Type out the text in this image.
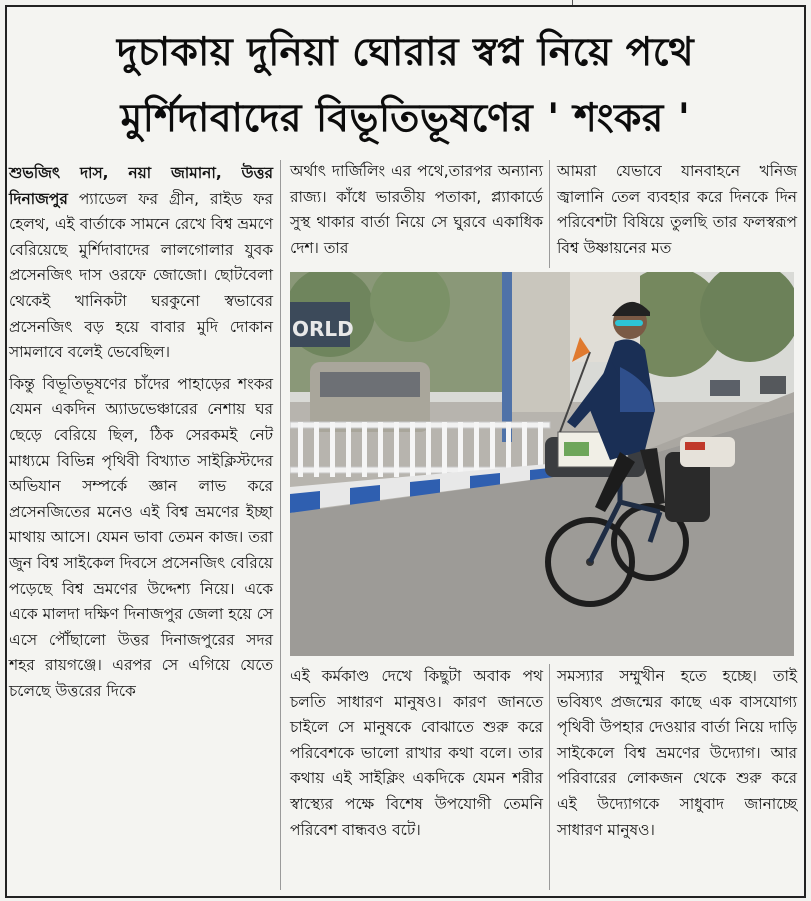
দুচাকায় দুনিয়া ঘোরার স্বপ্ন নিয়ে পথে
মুর্শিদাবাদের বিভূতিভূষণের ' শংকর '

শুভজিৎ দাস, নয়া জামানা, উত্তর দিনাজপুর প্যাডেল ফর গ্রীন, রাইড ফর হেলথ, এই বার্তাকে সামনে রেখে বিশ্ব ভ্রমণে বেরিয়েছে মুর্শিদাবাদের লালগোলার যুবক প্রসেনজিৎ দাস ওরফে জোজো। ছোটবেলা থেকেই খানিকটা ঘরকুনো স্বভাবের প্রসেনজিৎ বড় হয়ে বাবার মুদি দোকান সামলাবে বলেই ভেবেছিল।

কিন্তু বিভূতিভূষণের চাঁদের পাহাড়ের শংকর যেমন একদিন অ্যাডভেঞ্চারের নেশায় ঘর ছেড়ে বেরিয়ে ছিল, ঠিক সেরকমই নেট মাধ্যমে বিভিন্ন পৃথিবী বিখ্যাত সাইক্লিস্টদের অভিযান সম্পর্কে জ্ঞান লাভ করে প্রসেনজিতের মনেও এই বিশ্ব ভ্রমণের ইচ্ছা মাথায় আসে। যেমন ভাবা তেমন কাজ। তরা জুন বিশ্ব সাইকেল দিবসে প্রসেনজিৎ বেরিয়ে পড়েছে বিশ্ব ভ্রমণের উদ্দেশ্য নিয়ে। একে একে মালদা দক্ষিণ দিনাজপুর জেলা হয়ে সে এসে পৌঁছালো উত্তর দিনাজপুরের সদর শহর রায়গঞ্জে। এরপর সে এগিয়ে যেতে চলেছে উত্তরের দিকে

অর্থাৎ দার্জিলিং এর পথে,তারপর অন্যান্য রাজ্য। কাঁধে ভারতীয় পতাকা, প্ল্যাকার্ডে সুস্থ থাকার বার্তা নিয়ে সে ঘুরবে একাধিক দেশ। তার

আমরা যেভাবে যানবাহনে খনিজ জ্বালানি তেল ব্যবহার করে দিনকে দিন পরিবেশটা বিষিয়ে তুলছি তার ফলস্বরূপ বিশ্ব উষ্ণায়নের মত

ORLD

এই কর্মকাণ্ড দেখে কিছুটা অবাক পথ চলতি সাধারণ মানুষও। কারণ জানতে চাইলে সে মানুষকে বোঝাতে শুরু করে পরিবেশকে ভালো রাখার কথা বলে। তার কথায় এই সাইক্লিং একদিকে যেমন শরীর স্বাস্থ্যের পক্ষে বিশেষ উপযোগী তেমনি পরিবেশ বান্ধবও বটে।

সমস্যার সম্মুখীন হতে হচ্ছে। তাই ভবিষ্যৎ প্রজন্মের কাছে এক বাসযোগ্য পৃথিবী উপহার দেওয়ার বার্তা নিয়ে দাড়ি সাইকেলে বিশ্ব ভ্রমণের উদ্যোগ। আর পরিবারের লোকজন থেকে শুরু করে এই উদ্যোগকে সাধুবাদ জানাচ্ছে সাধারণ মানুষও।
